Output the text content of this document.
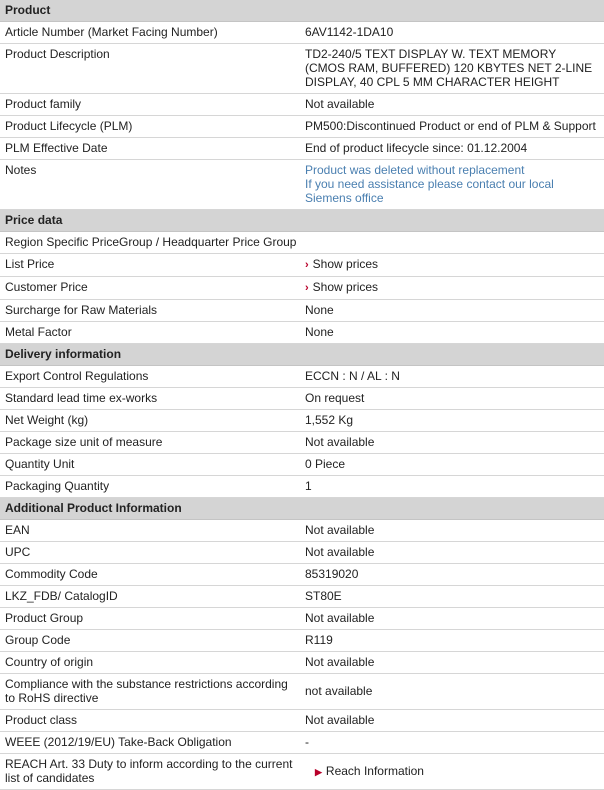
Product	
Article Number (Market Facing Number)	6AV1142-1DA10
Product Description	TD2-240/5 TEXT DISPLAY W. TEXT MEMORY
(CMOS RAM, BUFFERED) 120 KBYTES NET 2-LINE
DISPLAY, 40 CPL 5 MM CHARACTER HEIGHT

Product family	Not available
Product Lifecycle (PLM)	PM500:Discontinued Product or end of PLM & Support
PLM Effective Date	End of product lifecycle since: 01.12.2004
Notes	Product was deleted without replacement
If you need assistance please contact our local
Siemens office

Price data	
Region Specific PriceGroup / Headquarter Price Group	
List Price	› Show prices
Customer Price	› Show prices
Surcharge for Raw Materials	None
Metal Factor	None
Delivery information	
Export Control Regulations	ECCN : N / AL : N
Standard lead time ex-works	On request
Net Weight (kg)	1,552 Kg
Package size unit of measure	Not available
Quantity Unit	0 Piece
Packaging Quantity	1
Additional Product Information	
EAN	Not available
UPC	Not available
Commodity Code	85319020
LKZ_FDB/ CatalogID	ST80E
Product Group	Not available
Group Code	R119
Country of origin	Not available

Compliance with the substance restrictions according
to RoHS directive	not available
Product class	Not available
WEEE (2012/19/EU) Take-Back Obligation	-

REACH Art. 33 Duty to inform according to the current
list of candidates	▶ Reach Information
